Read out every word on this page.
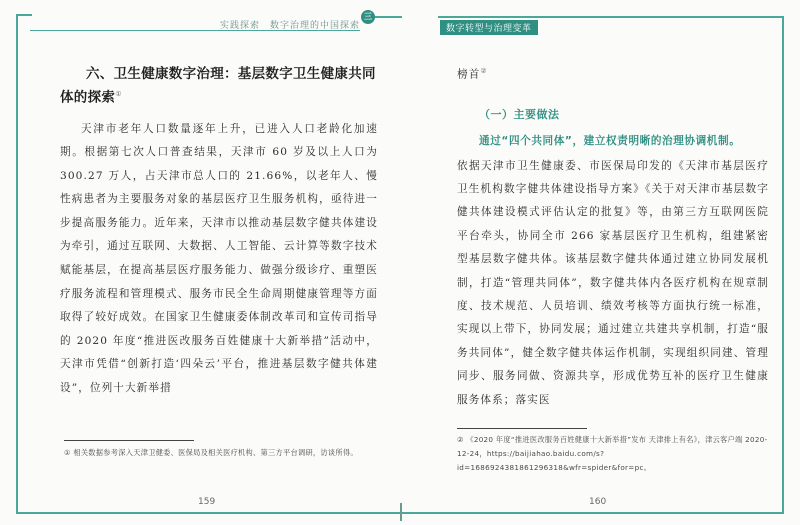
实践探索　数字治理的中国探索
三
数字转型与治理变革
六、卫生健康数字治理：基层数字卫生健康共同体的探索①
天津市老年人口数量逐年上升，已进入人口老龄化加速期。根据第七次人口普查结果，天津市 60 岁及以上人口为 300.27 万人，占天津市总人口的 21.66%，以老年人、慢性病患者为主要服务对象的基层医疗卫生服务机构，亟待进一步提高服务能力。近年来，天津市以推动基层数字健共体建设为牵引，通过互联网、大数据、人工智能、云计算等数字技术赋能基层，在提高基层医疗服务能力、做强分级诊疗、重塑医疗服务流程和管理模式、服务市民全生命周期健康管理等方面取得了较好成效。在国家卫生健康委体制改革司和宣传司指导的 2020 年度“推进医改服务百姓健康十大新举措”活动中，天津市凭借“创新打造‘四朵云’平台，推进基层数字健共体建设”，位列十大新举措
① 相关数据参考深入天津卫健委、医保局及相关医疗机构、第三方平台调研，访谈所得。
159
榜首②
（一）主要做法
通过“四个共同体”，建立权责明晰的治理协调机制。
依据天津市卫生健康委、市医保局印发的《天津市基层医疗卫生机构数字健共体建设指导方案》《关于对天津市基层数字健共体建设模式评估认定的批复》等，由第三方互联网医院平台牵头，协同全市 266 家基层医疗卫生机构，组建紧密型基层数字健共体。该基层数字健共体通过建立协同发展机制，打造“管理共同体”，数字健共体内各医疗机构在规章制度、技术规范、人员培训、绩效考核等方面执行统一标准，实现以上带下，协同发展；通过建立共建共享机制，打造“服务共同体”，健全数字健共体运作机制，实现组织同建、管理同步、服务同做、资源共享，形成优势互补的医疗卫生健康服务体系；落实医
② 《2020 年度“推进医改服务百姓健康十大新举措”发布 天津排上有名》，津云客户端 2020-12-24，https://baijiahao.baidu.com/s?id=1686924381861296318&wfr=spider&for=pc。
160
